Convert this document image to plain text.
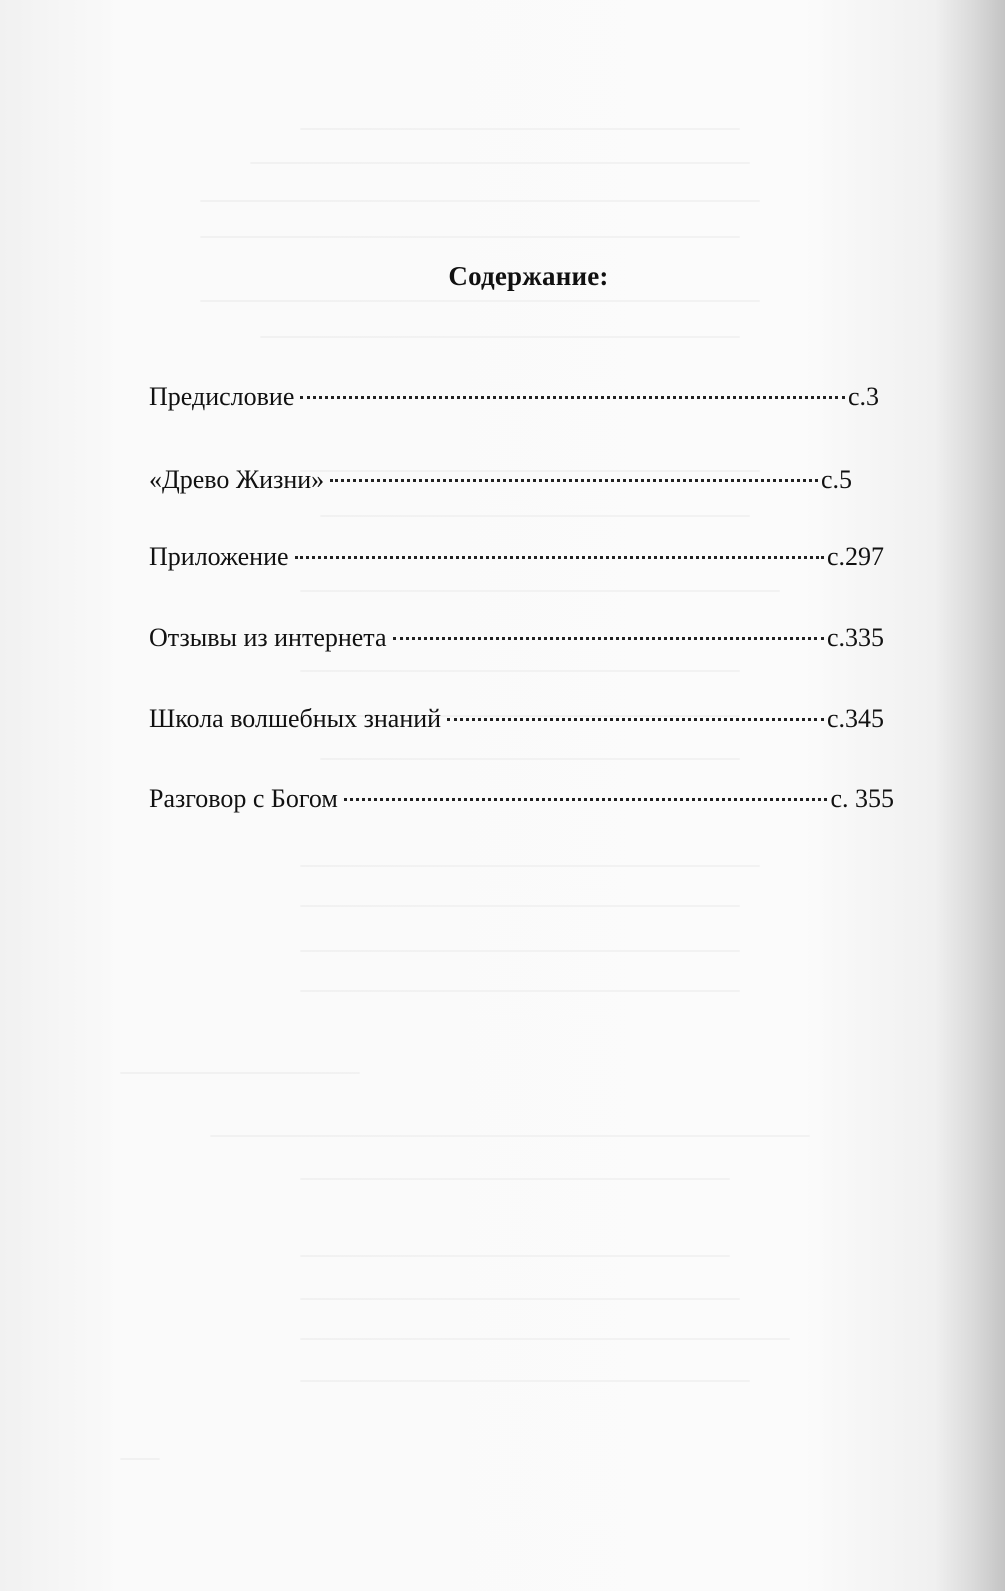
Содержание:
Предисловие	с.3
«Древо Жизни»	с.5
Приложение	с.297
Отзывы из интернета	с.335
Школа волшебных знаний	с.345
Разговор с Богом	с. 355
